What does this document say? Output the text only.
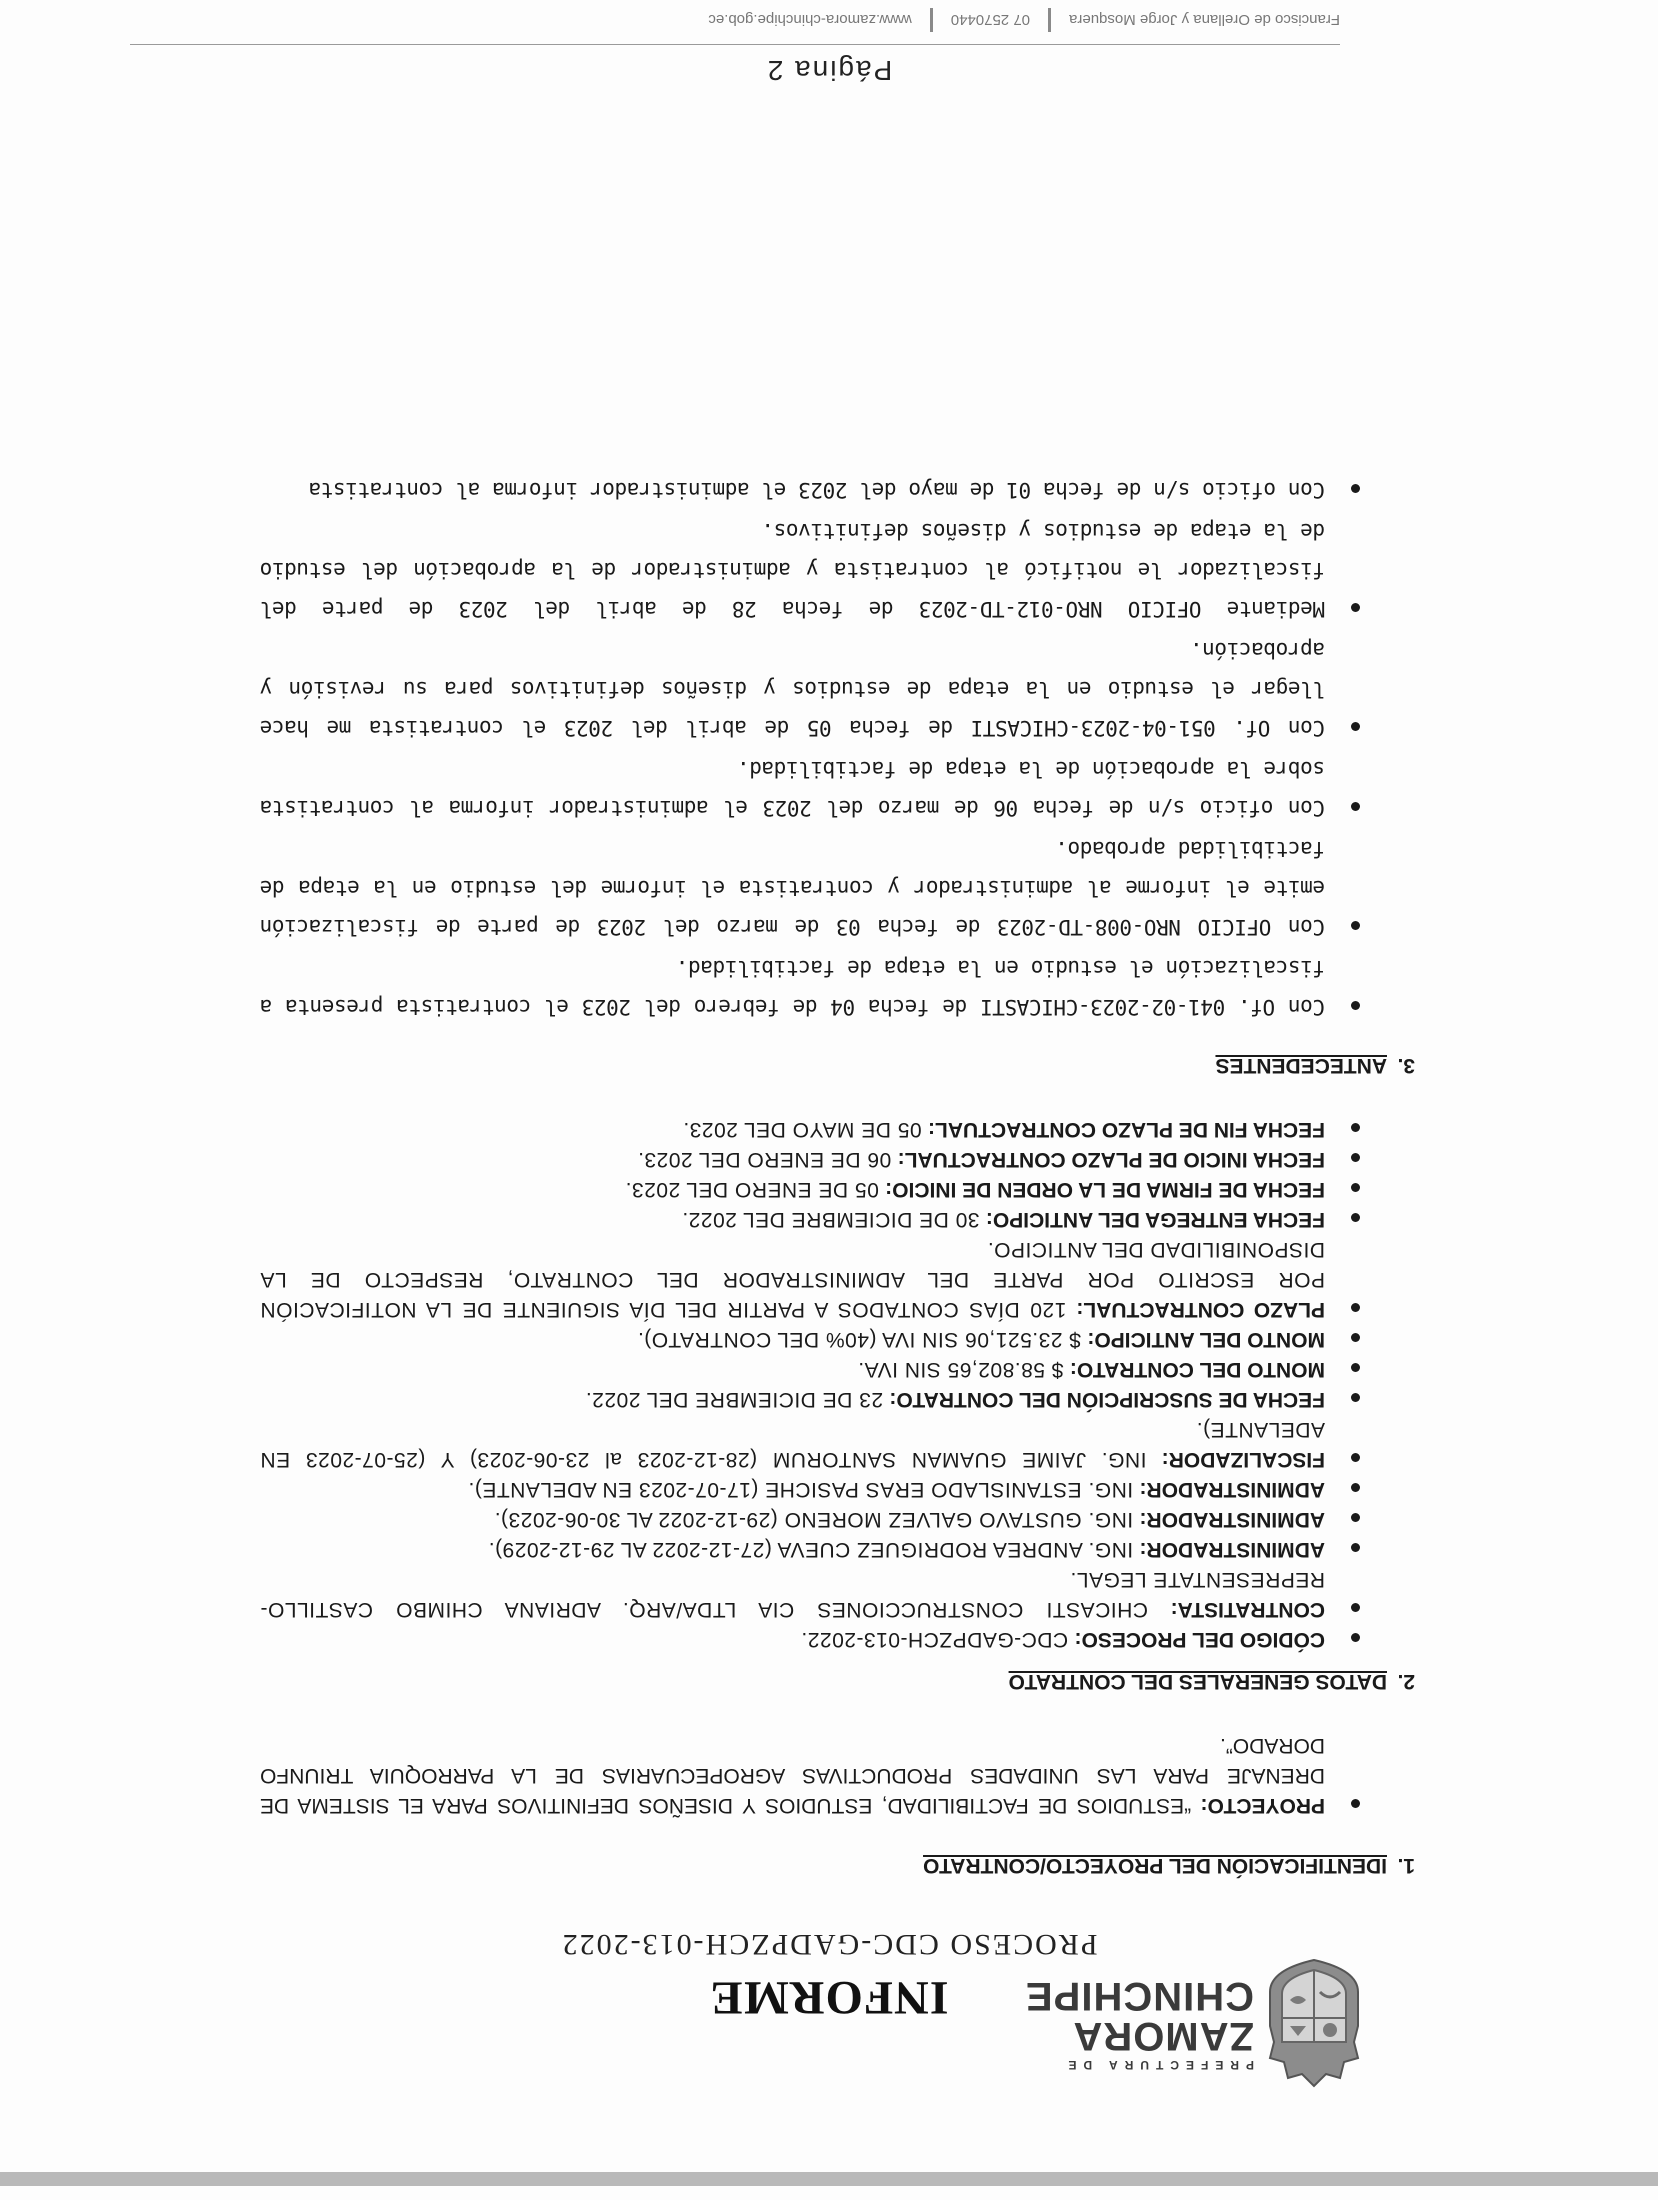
PREFECTURA DE
ZAMORA
CHINCHIPE
INFORME
PROCESO CDC-GADPZCH-013-2022
1.
IDENTIFICACIÓN DEL PROYECTO/CONTRATO
PROYECTO: “ESTUDIOS DE FACTIBILIDAD, ESTUDIOS Y DISEÑOS DEFINITIVOS PARA EL SISTEMA DE DRENAJE PARA LAS UNIDADES PRODUCTIVAS AGROPECUARIAS DE LA PARROQUIA TRIUNFO DORADO”.
2.
DATOS GENERALES DEL CONTRATO
CÓDIGO DEL PROCESO: CDC-GADPZCH-013-2022.
CONTRATISTA: CHICASTI CONSTRUCCIONES CIA LTDA/ARQ. ADRIANA CHIMBO CASTILLO-REPRESENTATE LEGAL.
ADMINISTRADOR: ING. ANDREA RODRIGUEZ CUEVA (27-12-2022 AL 29-12-2029).
ADMINISTRADOR: ING. GUSTAVO GALVEZ MORENO (29-12-2022 AL 30-06-2023).
ADMINISTRADOR: ING. ESTANISLADO ERAS PASICHE (17-07-2023 EN ADELANTE).
FISCALIZADOR: ING. JAIME GUAMAN SANTORUM (28-12-2023 al 23-06-2023) Y (25-07-2023 EN ADELANTE).
FECHA DE SUSCRIPCIÓN DEL CONTRATO: 23 DE DICIEMBRE DEL 2022.
MONTO DEL CONTRATO: $ 58.802,65 SIN IVA.
MONTO DEL ANTICIPO: $ 23.521,06 SIN IVA (40% DEL CONTRATO).
PLAZO CONTRACTUAL: 120 DÍAS CONTADOS A PARTIR DEL DÍA SIGUIENTE DE LA NOTIFICACIÓN POR ESCRITO POR PARTE DEL ADMINISTRADOR DEL CONTRATO, RESPECTO DE LA DISPONIBILIDAD DEL ANTICIPO.
FECHA ENTREGA DEL ANTICIPO: 30 DE DICIEMBRE DEL 2022.
FECHA DE FIRMA DE LA ORDEN DE INICIO: 05 DE ENERO DEL 2023.
FECHA INICIO DE PLAZO CONTRACTUAL: 06 DE ENERO DEL 2023.
FECHA FIN DE PLAZO CONTRACTUAL: 05 DE MAYO DEL 2023.
3.
ANTECEDENTES
Con Of. 041-02-2023-CHICASTI de fecha 04 de febrero del 2023 el contratista presenta a fiscalización el estudio en la etapa de factibilidad.
Con OFICIO NRO-008-TD-2023 de fecha 03 de marzo del 2023 de parte de fiscalización emite el informe al administrador y contratista el informe del estudio en la etapa de factibilidad aprobado.
Con oficio s/n de fecha 06 de marzo del 2023 el administrador informa al contratista sobre la aprobación de la etapa de factibilidad.
Con Of. 051-04-2023-CHICASTI de fecha 05 de abril del 2023 el contratista me hace llegar el estudio en la etapa de estudios y diseños definitivos para su revisión y aprobación.
Mediante OFICIO NRO-012-TD-2023 de fecha 28 de abril del 2023 de parte del fiscalizador le notificó al contratista y administrador de la aprobación del estudio de la etapa de estudios y diseños definitivos.
Con oficio s/n de fecha 01 de mayo del 2023 el administrador informa al contratista
Página 2
Francisco de Orellana y Jorge Mosquera
07 2570440
www.zamora-chinchipe.gob.ec
